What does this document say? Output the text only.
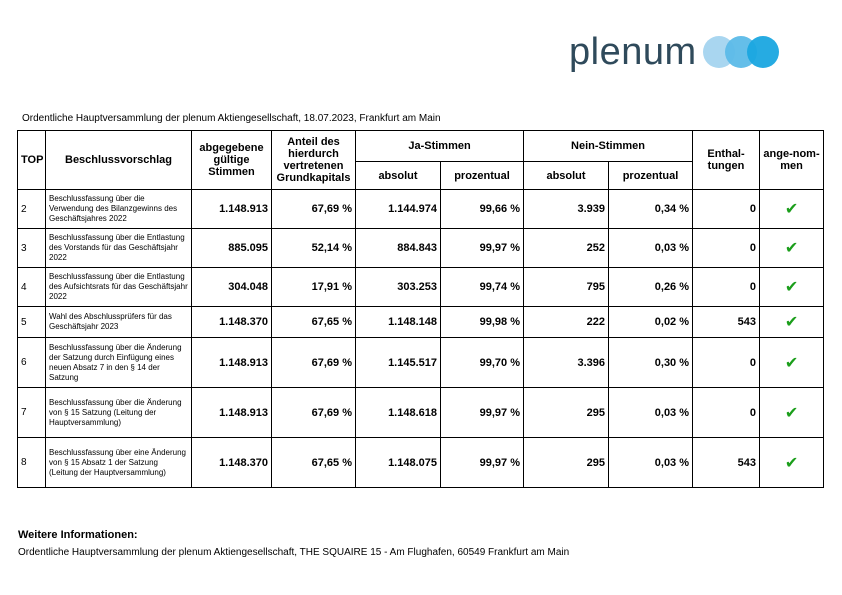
plenum
Ordentliche Hauptversammlung der plenum Aktiengesellschaft, 18.07.2023, Frankfurt am Main
TOP	Beschlussvorschlag	abgegebene gültige Stimmen	Anteil des hierdurch vertretenen Grundkapitals	Ja-Stimmen		Nein-Stimmen		Enthal-tungen	ange-nom-men
				absolut	prozentual	absolut	prozentual		
2	Beschlussfassung über die Verwendung des Bilanzgewinns des Geschäftsjahres 2022	1.148.913	67,69 %	1.144.974	99,66 %	3.939	0,34 %	0	✔
3	Beschlussfassung über die Entlastung des Vorstands für das Geschäftsjahr 2022	885.095	52,14 %	884.843	99,97 %	252	0,03 %	0	✔
4	Beschlussfassung über die Entlastung des Aufsichtsrats für das Geschäftsjahr 2022	304.048	17,91 %	303.253	99,74 %	795	0,26 %	0	✔
5	Wahl des Abschlussprüfers für das Geschäftsjahr 2023	1.148.370	67,65 %	1.148.148	99,98 %	222	0,02 %	543	✔
6	Beschlussfassung über die Änderung der Satzung durch Einfügung eines neuen Absatz 7 in den § 14 der Satzung	1.148.913	67,69 %	1.145.517	99,70 %	3.396	0,30 %	0	✔
7	Beschlussfassung über die Änderung von § 15 Satzung (Leitung der Hauptversammlung)	1.148.913	67,69 %	1.148.618	99,97 %	295	0,03 %	0	✔
8	Beschlussfassung über eine Änderung von § 15 Absatz 1 der Satzung (Leitung der Hauptversammlung)	1.148.370	67,65 %	1.148.075	99,97 %	295	0,03 %	543	✔
Weitere Informationen:
Ordentliche Hauptversammlung der plenum Aktiengesellschaft, THE SQUAIRE 15 - Am Flughafen, 60549 Frankfurt am Main
